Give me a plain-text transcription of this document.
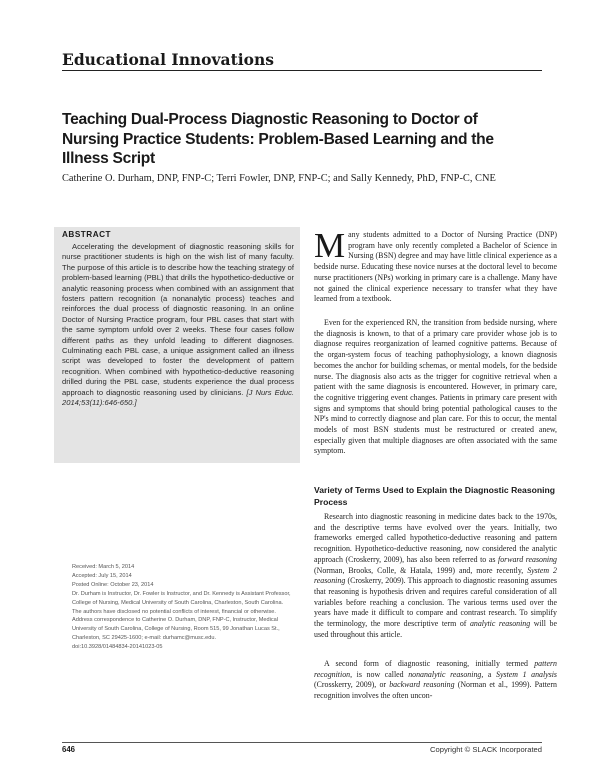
Educational Innovations
Teaching Dual-Process Diagnostic Reasoning to Doctor of Nursing Practice Students: Problem-Based Learning and the Illness Script
Catherine O. Durham, DNP, FNP-C; Terri Fowler, DNP, FNP-C; and Sally Kennedy, PhD, FNP-C, CNE
ABSTRACT

Accelerating the development of diagnostic reasoning skills for nurse practitioner students is high on the wish list of many faculty. The purpose of this article is to describe how the teaching strategy of problem-based learning (PBL) that drills the hypothetico-deductive or analytic reasoning process when combined with an assignment that fosters pattern recognition (a nonanalytic process) teaches and reinforces the dual process of diagnostic reasoning. In an online Doctor of Nursing Practice program, four PBL cases that start with the same symptom unfold over 2 weeks. These four cases follow different paths as they unfold leading to different diagnoses. Culminating each PBL case, a unique assignment called an illness script was developed to foster the development of pattern recognition. When combined with hypothetico-deductive reasoning drilled during the PBL case, students experience the dual process approach to diagnostic reasoning used by clinicians. [J Nurs Educ. 2014;53(11):646-650.]

Received: March 5, 2014
Accepted: July 15, 2014
Posted Online: October 23, 2014
Dr. Durham is Instructor, Dr. Fowler is Instructor, and Dr. Kennedy is Assistant Professor, College of Nursing, Medical University of South Carolina, Charleston, South Carolina.
The authors have disclosed no potential conflicts of interest, financial or otherwise.
Address correspondence to Catherine O. Durham, DNP, FNP-C, Instructor, Medical University of South Carolina, College of Nursing, Room 515, 99 Jonathan Lucas St., Charleston, SC 29425-1600; e-mail: durhamc@musc.edu.
doi:10.3928/01484834-20141023-05
Many students admitted to a Doctor of Nursing Practice (DNP) program have only recently completed a Bachelor of Science in Nursing (BSN) degree and may have little clinical experience as a bedside nurse. Educating these novice nurses at the doctoral level to become nurse practitioners (NPs) working in primary care is a challenge. Many have not gained the clinical experience necessary to transfer what they have learned from a textbook.
Even for the experienced RN, the transition from bedside nursing, where the diagnosis is known, to that of a primary care provider whose job is to diagnose requires reorganization of learned cognitive patterns. Because of the organ-system focus of teaching pathophysiology, a known diagnosis becomes the anchor for building schemas, or mental models, for the bedside nurse. The diagnosis also acts as the trigger for cognitive retrieval when a patient with the same diagnosis is encountered. However, in primary care, the cognitive triggering event changes. Patients in primary care present with signs and symptoms that should bring potential pathological causes to the NP's mind to correctly diagnose and plan care. For this to occur, the mental models of most BSN students must be restructured or created anew, especially given that multiple diagnoses are often associated with the same symptom.
Variety of Terms Used to Explain the Diagnostic Reasoning Process
Research into diagnostic reasoning in medicine dates back to the 1970s, and the descriptive terms have evolved over the years. Initially, two frameworks emerged called hypothetico-deductive reasoning and pattern recognition. Hypothetico-deductive reasoning, now considered the analytic approach (Croskerry, 2009), has also been referred to as forward reasoning (Norman, Brooks, Colle, & Hatala, 1999) and, more recently, System 2 reasoning (Croskerry, 2009). This approach to diagnostic reasoning assumes that reasoning is hypothesis driven and requires careful consideration of all variables before reaching a conclusion. The various terms used over the years have made it difficult to compare and contrast research. To simplify the terminology, the more descriptive term of analytic reasoning will be used throughout this article.
A second form of diagnostic reasoning, initially termed pattern recognition, is now called nonanalytic reasoning, a System 1 analysis (Crosskerry, 2009), or backward reasoning (Norman et al., 1999). Pattern recognition involves the often uncon-
646	Copyright © SLACK Incorporated
